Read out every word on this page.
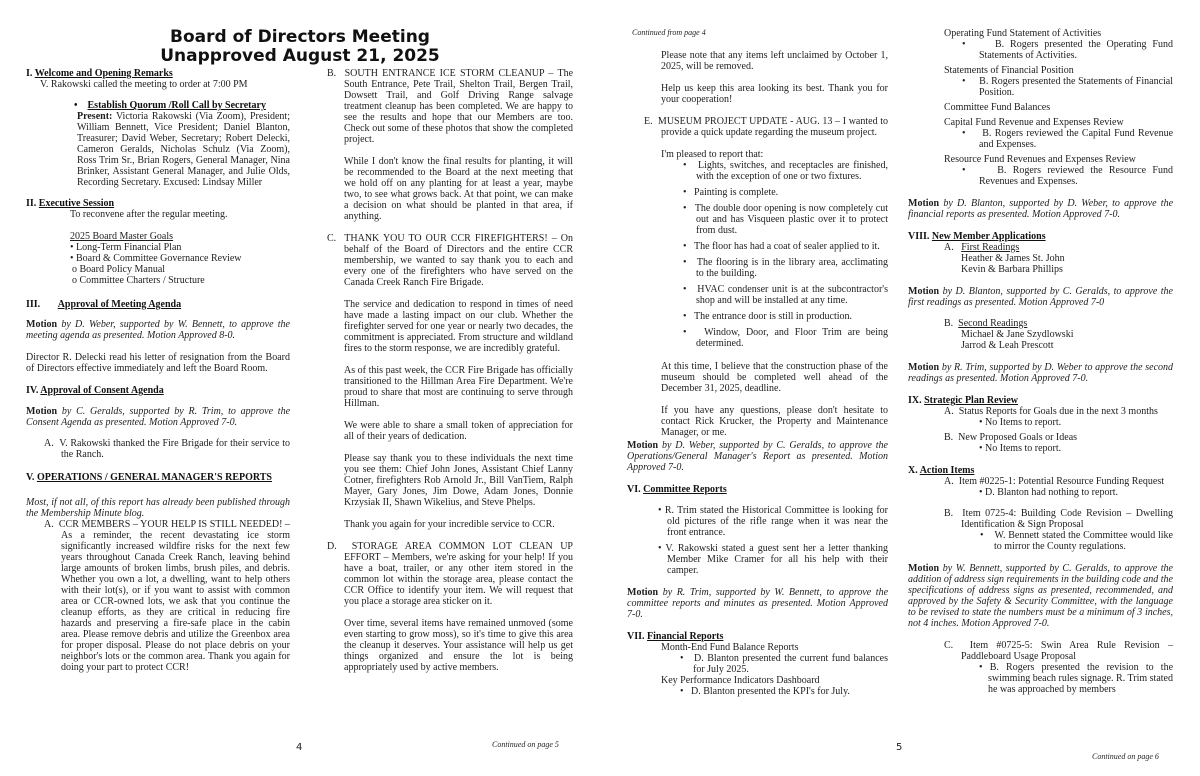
Board of Directors Meeting
Unapproved August 21, 2025
I. Welcome and Opening Remarks

V. Rakowski called the meeting to order at 7:00 PM

• Establish Quorum /Roll Call by Secretary

Present: Victoria Rakowski (Via Zoom), President; William Bennett, Vice President; Daniel Blanton, Treasurer; David Weber, Secretary; Robert Delecki, Cameron Geralds, Nicholas Schulz (Via Zoom), Ross Trim Sr., Brian Rogers, General Manager, Nina Brinker, Assistant General Manager, and Julie Olds, Recording Secretary. Excused: Lindsay Miller

II. Executive Session

To reconvene after the regular meeting.

2025 Board Master Goals

• Long-Term Financial Plan

• Board & Committee Governance Review

o Board Policy Manual

o Committee Charters / Structure

III. Approval of Meeting Agenda

Motion by D. Weber, supported by W. Bennett, to approve the meeting agenda as presented. Motion Approved 8-0.

Director R. Delecki read his letter of resignation from the Board of Directors effective immediately and left the Board Room.

IV. Approval of Consent Agenda

Motion by C. Geralds, supported by R. Trim, to approve the Consent Agenda as presented. Motion Approved 7-0.

A. V. Rakowski thanked the Fire Brigade for their service to the Ranch.

V. OPERATIONS / GENERAL MANAGER'S REPORTS

Most, if not all, of this report has already been published through the Membership Minute blog.

A. CCR MEMBERS – YOUR HELP IS STILL NEEDED! – As a reminder, the recent devastating ice storm significantly increased wildfire risks for the next few years throughout Canada Creek Ranch, leaving behind large amounts of broken limbs, brush piles, and debris. Whether you own a lot, a dwelling, want to help others with their lot(s), or if you want to assist with common area or CCR-owned lots, we ask that you continue the cleanup efforts, as they are critical in reducing fire hazards and preserving a fire-safe place in the cabin area. Please remove debris and utilize the Greenbox area for proper disposal. Please do not place debris on your neighbor's lots or the common area. Thank you again for doing your part to protect CCR!

4

B. SOUTH ENTRANCE ICE STORM CLEANUP – The South Entrance, Pete Trail, Shelton Trail, Bergen Trail, Dowsett Trail, and Golf Driving Range salvage treatment cleanup has been completed. We are happy to see the results and hope that our Members are too. Check out some of these photos that show the completed project.

While I don't know the final results for planting, it will be recommended to the Board at the next meeting that we hold off on any planting for at least a year, maybe two, to see what grows back. At that point, we can make a decision on what should be planted in that area, if anything.

C. THANK YOU TO OUR CCR FIREFIGHTERS! – On behalf of the Board of Directors and the entire CCR membership, we wanted to say thank you to each and every one of the firefighters who have served on the Canada Creek Ranch Fire Brigade.

The service and dedication to respond in times of need have made a lasting impact on our club. Whether the firefighter served for one year or nearly two decades, the commitment is appreciated. From structure and wildland fires to the storm response, we are incredibly grateful.

As of this past week, the CCR Fire Brigade has officially transitioned to the Hillman Area Fire Department. We're proud to share that most are continuing to serve through Hillman.

We were able to share a small token of appreciation for all of their years of dedication.

Please say thank you to these individuals the next time you see them: Chief John Jones, Assistant Chief Lanny Cotner, firefighters Rob Arnold Jr., Bill VanTiem, Ralph Mayer, Gary Jones, Jim Dowe, Adam Jones, Donnie Krzysiak II, Shawn Wikelius, and Steve Phelps.

Thank you again for your incredible service to CCR.

D. STORAGE AREA COMMON LOT CLEAN UP EFFORT – Members, we're asking for your help! If you have a boat, trailer, or any other item stored in the common lot within the storage area, please contact the CCR Office to identify your item. We will request that you place a storage area sticker on it.

Over time, several items have remained unmoved (some even starting to grow moss), so it's time to give this area the cleanup it deserves. Your assistance will help us get things organized and ensure the lot is being appropriately used by active members.

Continued on page 5
Continued from page 4

Please note that any items left unclaimed by October 1, 2025, will be removed.

Help us keep this area looking its best. Thank you for your cooperation!

E. MUSEUM PROJECT UPDATE - AUG. 13 – I wanted to provide a quick update regarding the museum project.

I'm pleased to report that:

• Lights, switches, and receptacles are finished, with the exception of one or two fixtures.

• Painting is complete.

• The double door opening is now completely cut out and has Visqueen plastic over it to protect from dust.

• The floor has had a coat of sealer applied to it.

• The flooring is in the library area, acclimating to the building.

• HVAC condenser unit is at the subcontractor's shop and will be installed at any time.

• The entrance door is still in production.

• Window, Door, and Floor Trim are being determined.

At this time, I believe that the construction phase of the museum should be completed well ahead of the December 31, 2025, deadline.

If you have any questions, please don't hesitate to contact Rick Krucker, the Property and Maintenance Manager, or me.

Motion by D. Weber, supported by C. Geralds, to approve the Operations/General Manager's Report as presented. Motion Approved 7-0.

VI. Committee Reports

• R. Trim stated the Historical Committee is looking for old pictures of the rifle range when it was near the front entrance.

• V. Rakowski stated a guest sent her a letter thanking Member Mike Cramer for all his help with their camper.

Motion by R. Trim, supported by W. Bennett, to approve the committee reports and minutes as presented. Motion Approved 7-0.

VII. Financial Reports

Month-End Fund Balance Reports

• D. Blanton presented the current fund balances for July 2025.

Key Performance Indicators Dashboard

• D. Blanton presented the KPI's for July.

5

Operating Fund Statement of Activities

•	B. Rogers presented the Operating Fund Statements of Activities.

Statements of Financial Position

• B. Rogers presented the Statements of Financial Position.

Committee Fund Balances

Capital Fund Revenue and Expenses Review

• B. Rogers reviewed the Capital Fund Revenue and Expenses.

Resource Fund Revenues and Expenses Review

•	B. Rogers reviewed the Resource Fund Revenues and Expenses.

Motion by D. Blanton, supported by D. Weber, to approve the financial reports as presented. Motion Approved 7-0.

VIII. New Member Applications

A. First Readings

Heather & James St. John

Kevin & Barbara Phillips

Motion by D. Blanton, supported by C. Geralds, to approve the first readings as presented. Motion Approved 7-0

B. Second Readings

Michael & Jane Szydlowski

Jarrod & Leah Prescott

Motion by R. Trim, supported by D. Weber to approve the second readings as presented. Motion Approved 7-0.

IX. Strategic Plan Review

A. Status Reports for Goals due in the next 3 months

• No Items to report.

B. New Proposed Goals or Ideas

• No Items to report.

X. Action Items

A. Item #0225-1: Potential Resource Funding Request

• D. Blanton had nothing to report.

B. Item 0725-4: Building Code Revision – Dwelling Identification & Sign Proposal

• W. Bennett stated the Committee would like to mirror the County regulations.

Motion by W. Bennett, supported by C. Geralds, to approve the addition of address sign requirements in the building code and the specifications of address signs as presented, recommended, and approved by the Safety & Security Committee, with the language to be revised to state the numbers must be a minimum of 3 inches, not 4 inches. Motion Approved 7-0.

C. Item #0725-5: Swin Area Rule Revision – Paddleboard Usage Proposal

• B. Rogers presented the revision to the swimming beach rules signage. R. Trim stated he was approached by members

Continued on page 6
